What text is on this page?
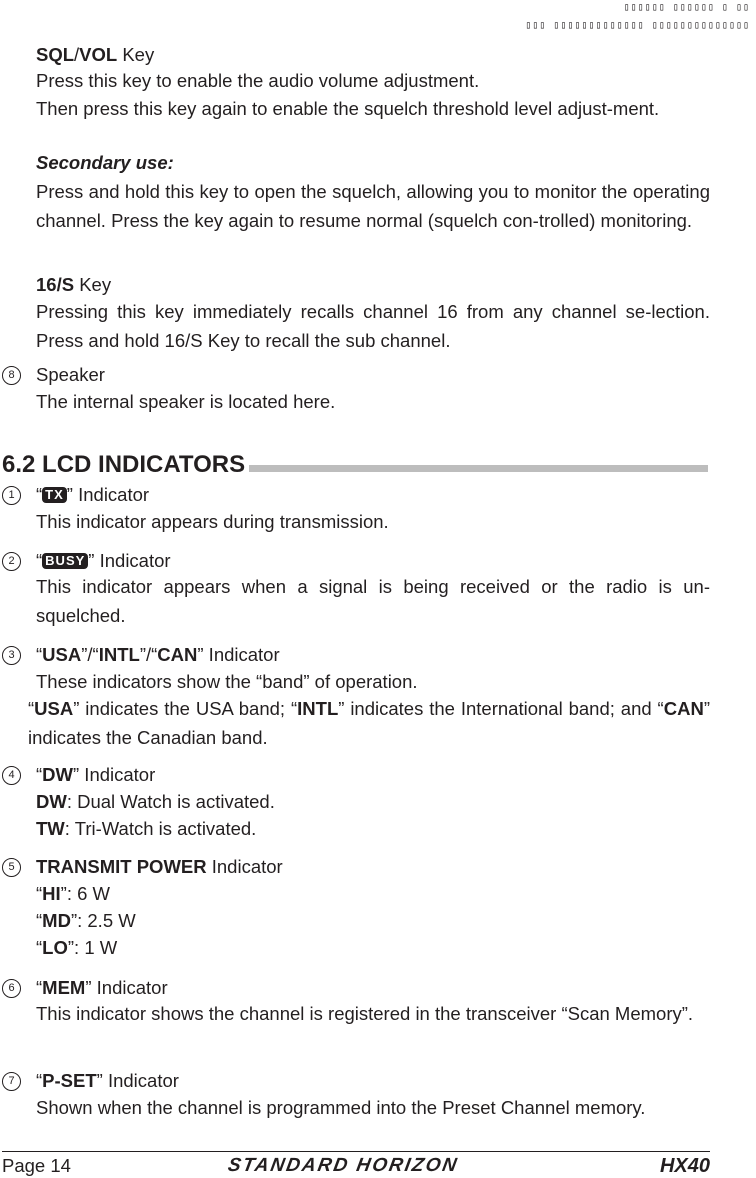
▯▯▯▯▯▯ ▯▯▯▯▯▯ ▯ ▯▯
▯▯▯ ▯▯▯▯▯▯▯▯▯▯▯▯▯ ▯▯▯▯▯▯▯▯▯▯▯▯▯▯
SQL/VOL Key
Press this key to enable the audio volume adjustment.
Then press this key again to enable the squelch threshold level adjust-ment.
Secondary use:
Press and hold this key to open the squelch, allowing you to monitor the operating channel. Press the key again to resume normal (squelch con-trolled) monitoring.
16/S Key
Pressing this key immediately recalls channel 16 from any channel se-lection. Press and hold 16/S Key to recall the sub channel.
8	Speaker
The internal speaker is located here.
6.2 LCD INDICATORS
1	“ TX ” Indicator
This indicator appears during transmission.
2	“ BUSY ” Indicator
This indicator appears when a signal is being received or the radio is un-squelched.
3	“USA”/“INTL”/“CAN” Indicator
These indicators show the “band” of operation.
“USA” indicates the USA band; “INTL” indicates the International band; and “CAN” indicates the Canadian band.
4	“DW” Indicator
DW: Dual Watch is activated.
TW: Tri-Watch is activated.
5	TRANSMIT POWER Indicator
“HI”: 6 W
“MD”: 2.5 W
“LO”: 1 W
6	“MEM” Indicator
This indicator shows the channel is registered in the transceiver “Scan Memory”.
7	“P-SET” Indicator
Shown when the channel is programmed into the Preset Channel memory.
Page 14	STANDARD HORIZON	HX40
